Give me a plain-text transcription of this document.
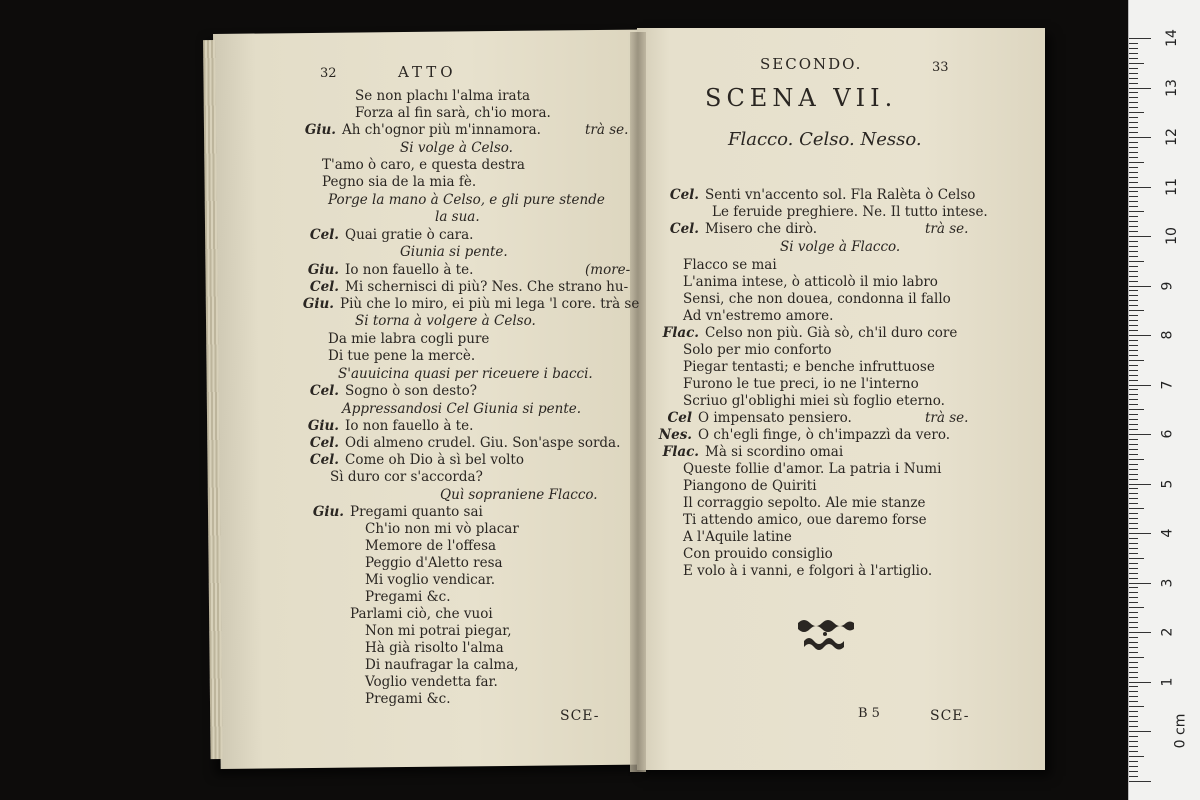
32	ATTO
Se non plachı l'alma irata
Forza al fin sarà, ch'io mora.
Giu. Ah ch'ognor più m'innamora.	trà se.
Si volge à Celso.
T'amo ò caro, e questa destra
Pegno sia de la mia fè.
Porge la mano à Celso, e gli pure stende
la sua.
Cel. Quai gratie ò cara.
Giunia si pente.
Giu. Io non fauello à te.	(more-
Cel. Mi schernisci di più? Nes. Che strano hu-
Giu. Più che lo miro, ei più mi lega 'l core. trà se
Si torna à volgere à Celso.
Da mie labra cogli pure
Di tue pene la mercè.
S'auuicina quasi per riceuere i bacci.
Cel. Sogno ò son desto?
Appressandosi Cel Giunia si pente.
Giu. Io non fauello à te.
Cel. Odi almeno crudel. Giu. Son'aspe sorda.
Cel. Come oh Dio à sì bel volto
Sì duro cor s'accorda?
Quì sopraniene Flacco.
Giu. Pregami quanto sai
Ch'io non mi vò placar
Memore de l'offesa
Peggio d'Aletto resa
Mi voglio vendicar.
Pregami &c.
Parlami ciò, che vuoi
Non mi potrai piegar,
Hà già risolto l'alma
Di naufragar la calma,
Voglio vendetta far.
Pregami &c.
SCE-
SECONDO.	33
SCENA VII.
Flacco. Celso. Nesso.
Cel. Senti vn'accento sol. Fla Ralèta ò Celso
Le feruide preghiere. Ne. Il tutto intese.
Cel. Misero che dirò.	trà se.
Si volge à Flacco.
Flacco se mai
L'anima intese, ò atticolò il mio labro
Sensi, che non douea, condonna il fallo
Ad vn'estremo amore.
Flac. Celso non più. Già sò, ch'il duro core
Solo per mio conforto
Piegar tentasti; e benche infruttuose
Furono le tue preci, io ne l'interno
Scriuo gl'oblighi miei sù foglio eterno.
Cel O impensato pensiero.	trà se.
Nes. O ch'egli finge, ò ch'impazzì da vero.
Flac. Mà si scordino omai
Queste follie d'amor. La patria i Numi
Piangono de Quiriti
Il corraggio sepolto. Ale mie stanze
Ti attendo amico, oue daremo forse
A l'Aquile latine
Con prouido consiglio
E volo à i vanni, e folgori à l'artiglio.
B 5	SCE-
14
13
12
11
10
9
8
7
6
5
4
3
2
1
0 cm
